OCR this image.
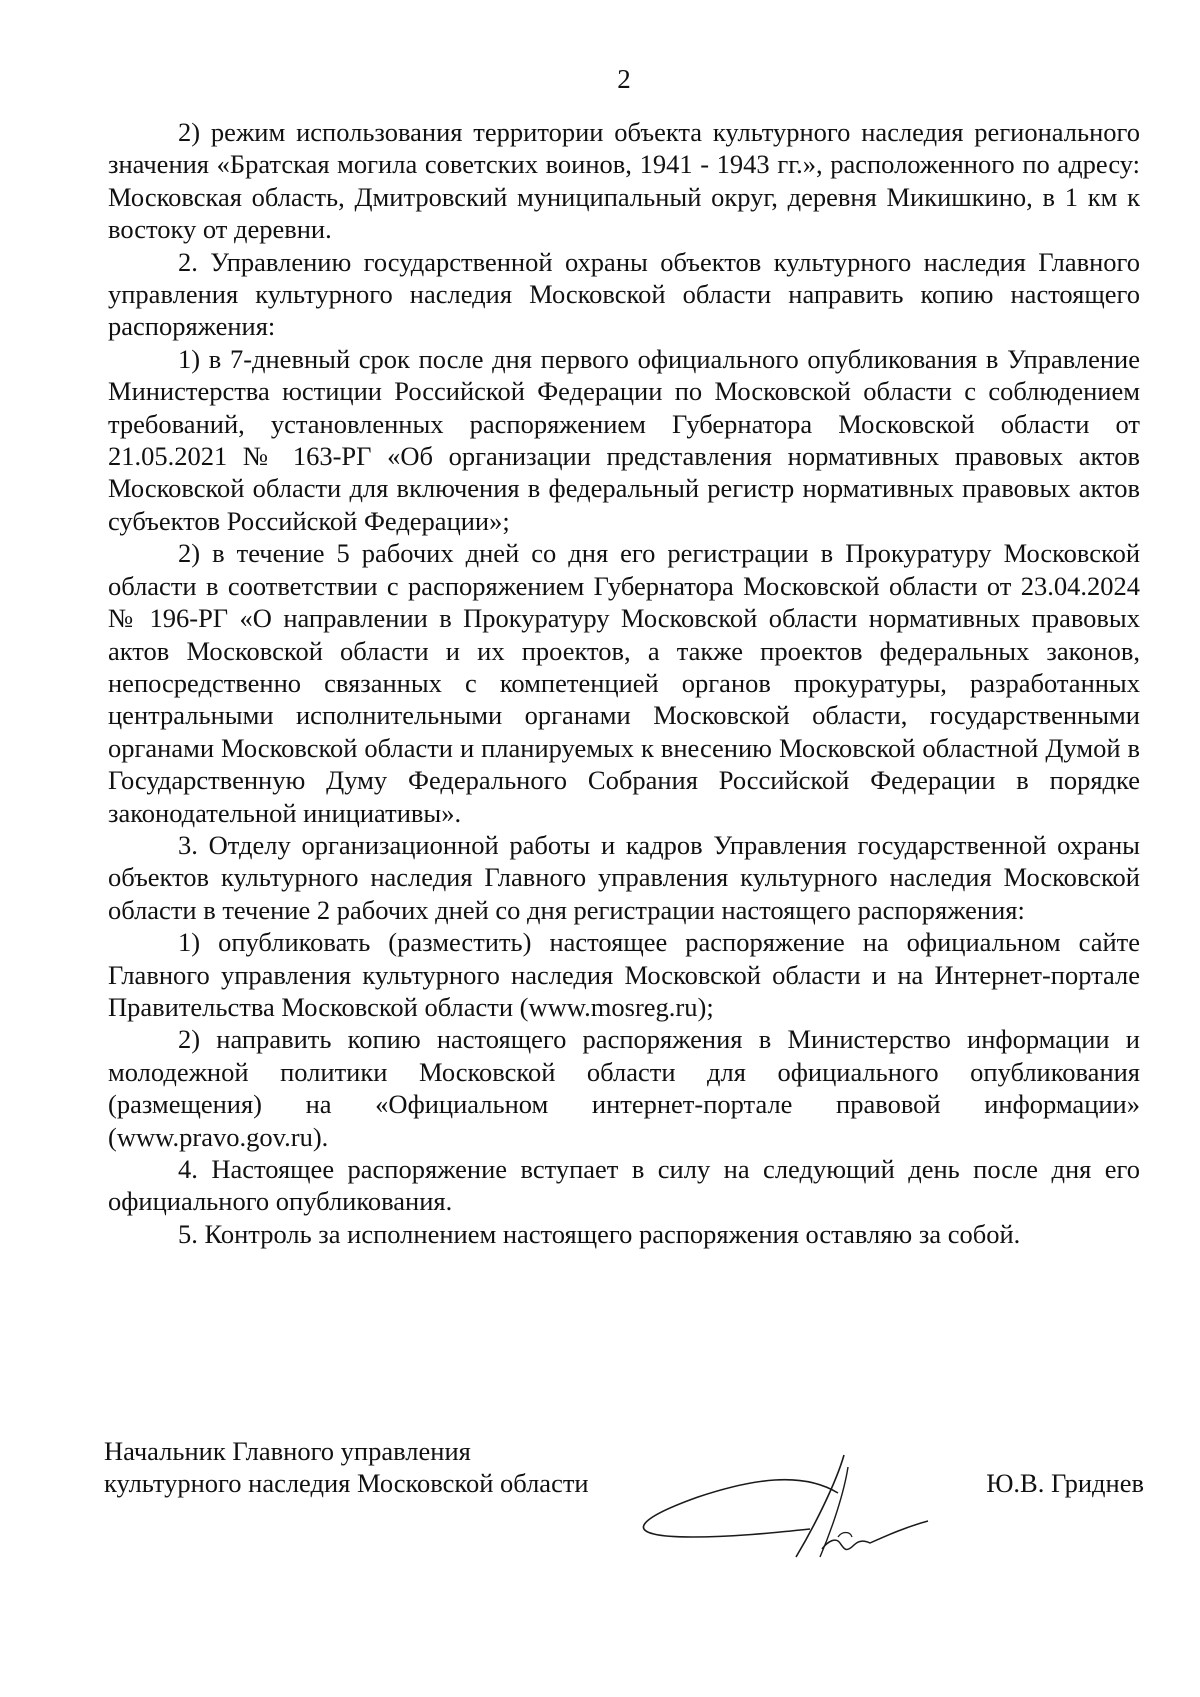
2

2) режим использования территории объекта культурного наследия регионального значения «Братская могила советских воинов, 1941 - 1943 гг.», расположенного по адресу: Московская область, Дмитровский муниципальный округ, деревня Микишкино, в 1 км к востоку от деревни.

2. Управлению государственной охраны объектов культурного наследия Главного управления культурного наследия Московской области направить копию настоящего распоряжения:

1) в 7-дневный срок после дня первого официального опубликования в Управление Министерства юстиции Российской Федерации по Московской области с соблюдением требований, установленных распоряжением Губернатора Московской области от 21.05.2021 № 163-РГ «Об организации представления нормативных правовых актов Московской области для включения в федеральный регистр нормативных правовых актов субъектов Российской Федерации»;

2) в течение 5 рабочих дней со дня его регистрации в Прокуратуру Московской области в соответствии с распоряжением Губернатора Московской области от 23.04.2024 № 196-РГ «О направлении в Прокуратуру Московской области нормативных правовых актов Московской области и их проектов, а также проектов федеральных законов, непосредственно связанных с компетенцией органов прокуратуры, разработанных центральными исполнительными органами Московской области, государственными органами Московской области и планируемых к внесению Московской областной Думой в Государственную Думу Федерального Собрания Российской Федерации в порядке законодательной инициативы».

3. Отделу организационной работы и кадров Управления государственной охраны объектов культурного наследия Главного управления культурного наследия Московской области в течение 2 рабочих дней со дня регистрации настоящего распоряжения:

1) опубликовать (разместить) настоящее распоряжение на официальном сайте Главного управления культурного наследия Московской области и на Интернет-портале Правительства Московской области (www.mosreg.ru);

2) направить копию настоящего распоряжения в Министерство информации и молодежной политики Московской области для официального опубликования (размещения) на «Официальном интернет-портале правовой информации» (www.pravo.gov.ru).

4. Настоящее распоряжение вступает в силу на следующий день после дня его официального опубликования.

5. Контроль за исполнением настоящего распоряжения оставляю за собой.

Начальник Главного управления
культурного наследия Московской области	Ю.В. Гриднев
